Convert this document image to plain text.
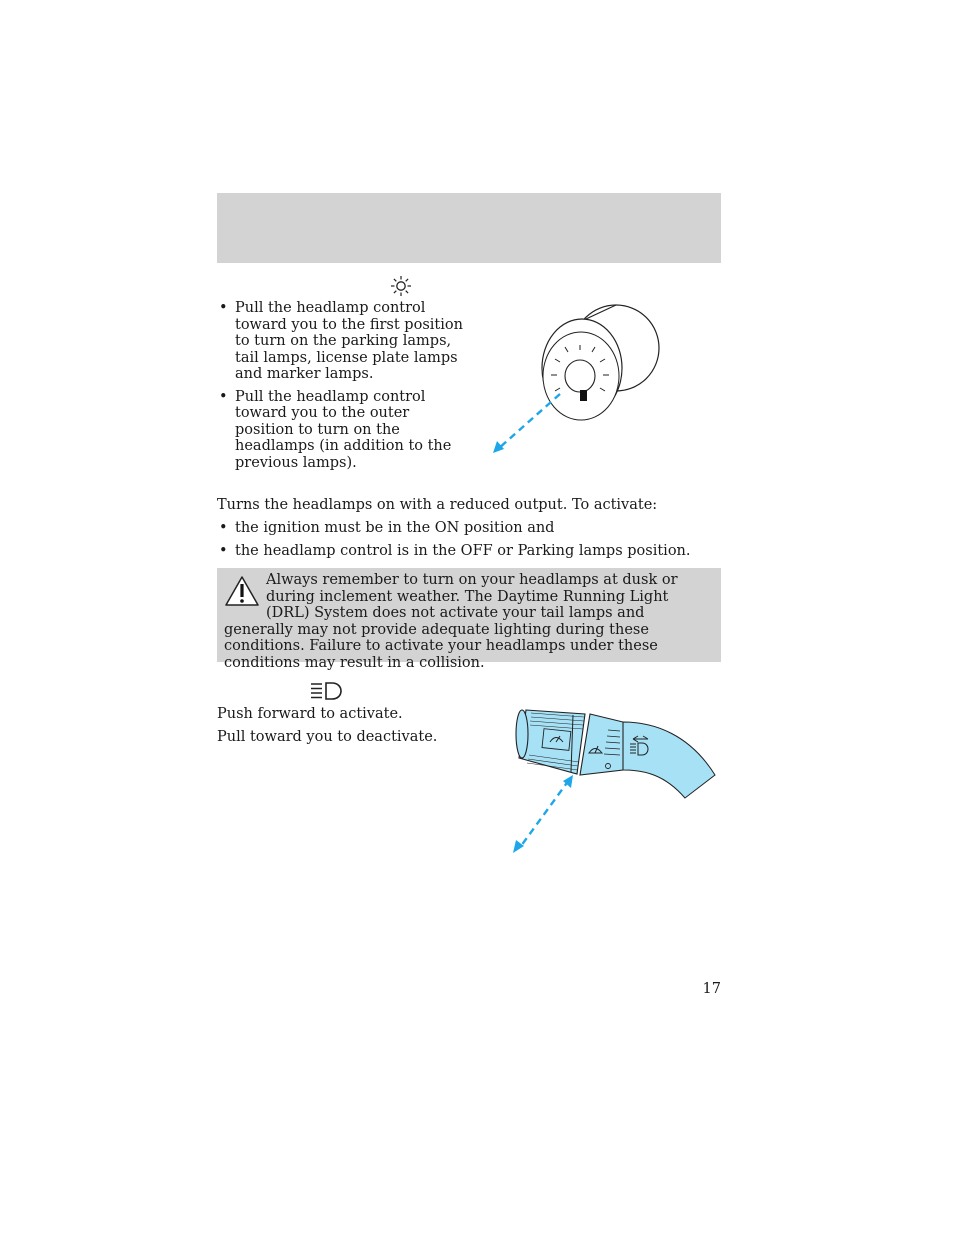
• Pull the headlamp control toward you to the first position to turn on the parking lamps, tail lamps, license plate lamps and marker lamps.
• Pull the headlamp control toward you to the outer position to turn on the headlamps (in addition to the previous lamps).
Turns the headlamps on with a reduced output. To activate:
• the ignition must be in the ON position and
• the headlamp control is in the OFF or Parking lamps position.
Always remember to turn on your headlamps at dusk or during inclement weather. The Daytime Running Light (DRL) System does not activate your tail lamps and generally may not provide adequate lighting during these conditions. Failure to activate your headlamps under these conditions may result in a collision.
Push forward to activate.
Pull toward you to deactivate.
17
